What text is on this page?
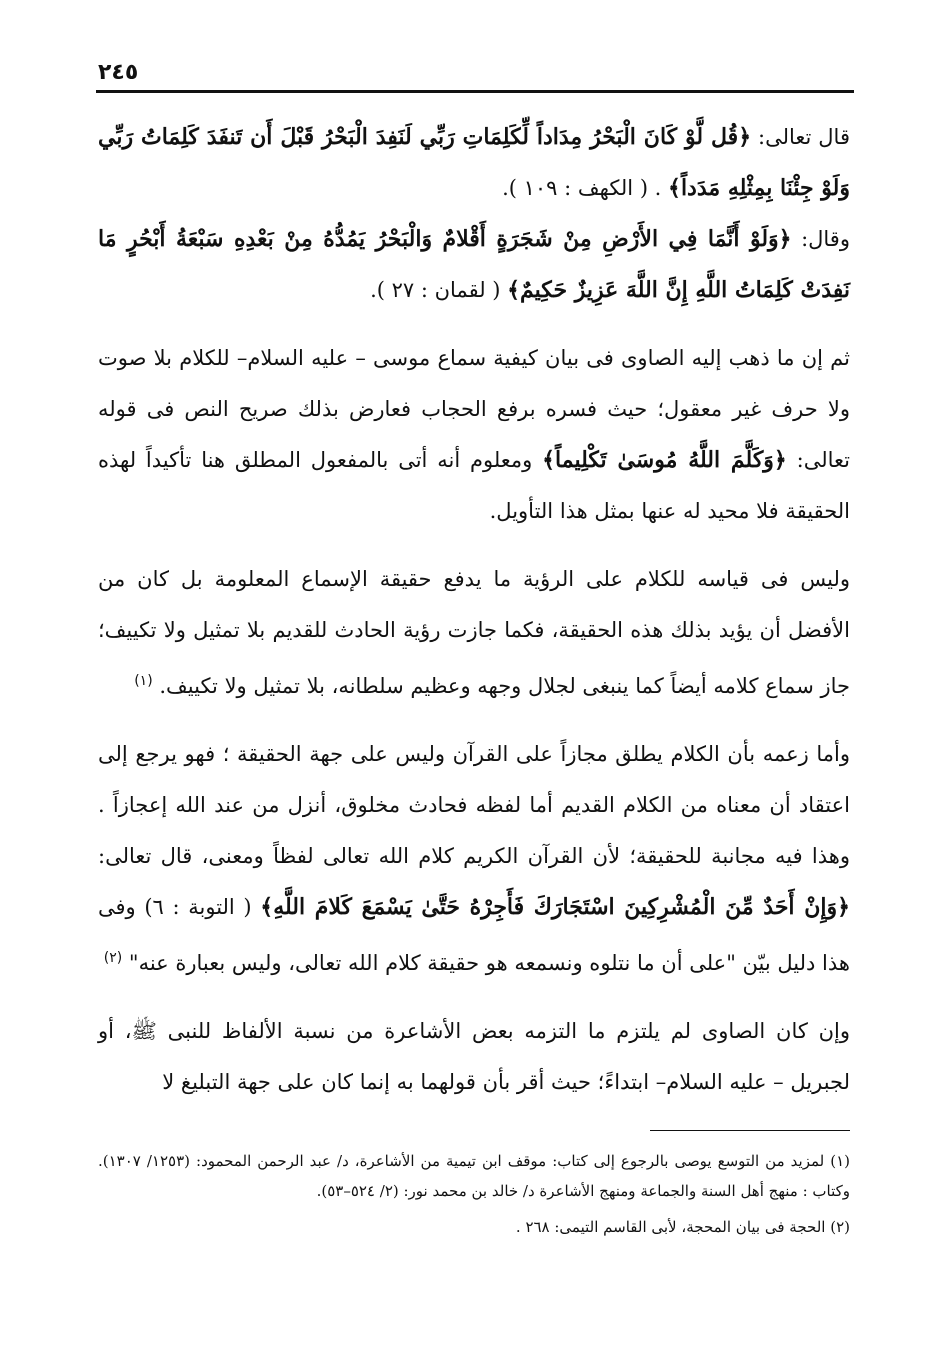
٢٤٥

قال تعالى: ﴿قُل لَّوْ كَانَ الْبَحْرُ مِدَاداً لِّكَلِمَاتِ رَبِّي لَنَفِدَ الْبَحْرُ قَبْلَ أَن تَنفَدَ كَلِمَاتُ رَبِّي وَلَوْ جِئْنَا بِمِثْلِهِ مَدَداً﴾ . ( الكهف : ١٠٩ ).

وقال: ﴿وَلَوْ أَنَّمَا فِي الأَرْضِ مِنْ شَجَرَةٍ أَقْلامٌ وَالْبَحْرُ يَمُدُّهُ مِنْ بَعْدِهِ سَبْعَةُ أَبْحُرٍ مَا نَفِدَتْ كَلِمَاتُ اللَّهِ إِنَّ اللَّهَ عَزِيزٌ حَكِيمٌ﴾ ( لقمان : ٢٧ ).

ثم إن ما ذهب إليه الصاوى فى بيان كيفية سماع موسى – عليه السلام– للكلام بلا صوت ولا حرف غير معقول؛ حيث فسره برفع الحجاب فعارض بذلك صريح النص فى قوله تعالى: ﴿وَكَلَّمَ اللَّهُ مُوسَىٰ تَكْلِيماً﴾ ومعلوم أنه أتى بالمفعول المطلق هنا تأكيداً لهذه الحقيقة فلا محيد له عنها بمثل هذا التأويل.

وليس فى قياسه للكلام على الرؤية ما يدفع حقيقة الإسماع المعلومة بل كان من الأفضل أن يؤيد بذلك هذه الحقيقة، فكما جازت رؤية الحادث للقديم بلا تمثيل ولا تكييف؛ جاز سماع كلامه أيضاً كما ينبغى لجلال وجهه وعظيم سلطانه، بلا تمثيل ولا تكييف. $^{(١)}$

وأما زعمه بأن الكلام يطلق مجازاً على القرآن وليس على جهة الحقيقة ؛ فهو يرجع إلى اعتقاد أن معناه من الكلام القديم أما لفظه فحادث مخلوق، أنزل من عند الله إعجازاً . وهذا فيه مجانبة للحقيقة؛ لأن القرآن الكريم كلام الله تعالى لفظاً ومعنى، قال تعالى: ﴿وَإِنْ أَحَدٌ مِّنَ الْمُشْرِكِينَ اسْتَجَارَكَ فَأَجِرْهُ حَتَّىٰ يَسْمَعَ كَلامَ اللَّهِ﴾ ( التوبة : ٦) وفى هذا دليل بيّن "على أن ما نتلوه ونسمعه هو حقيقة كلام الله تعالى، وليس بعبارة عنه" $^{(٢)}$

وإن كان الصاوى لم يلتزم ما التزمه بعض الأشاعرة من نسبة الألفاظ للنبى ﷺ، أو لجبريل – عليه السلام– ابتداءً؛ حيث أقر بأن قولهما به إنما كان على جهة التبليغ لا

(١) لمزيد من التوسع يوصى بالرجوع إلى كتاب: موقف ابن تيمية من الأشاعرة، د/ عبد الرحمن المحمود: (١٢٥٣/ ١٣٠٧). وكتاب : منهج أهل السنة والجماعة ومنهج الأشاعرة د/ خالد بن محمد نور: (٢/ ٥٢٤–٥٣).

(٢) الحجة فى بيان المحجة، لأبى القاسم التيمى: ٢٦٨ .
